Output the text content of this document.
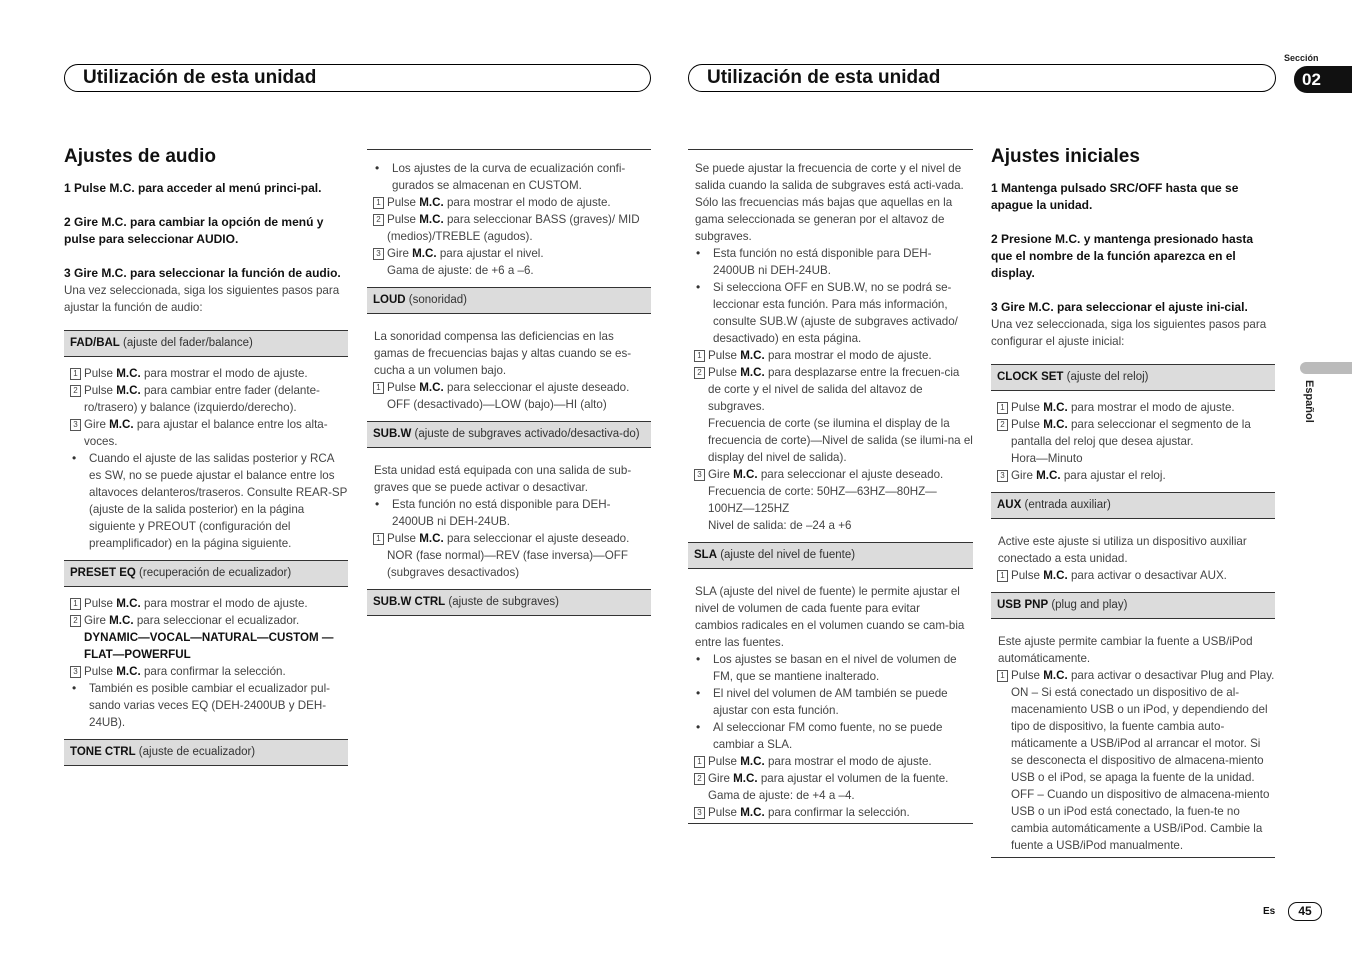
Utilización de esta unidad	Utilización de esta unidad
Sección
02
Español
Ajustes de audio
1 Pulse M.C. para acceder al menú princi-pal.
2 Gire M.C. para cambiar la opción de menú y pulse para seleccionar AUDIO.
3 Gire M.C. para seleccionar la función de audio.

Una vez seleccionada, siga los siguientes pasos para ajustar la función de audio:

FAD/BAL (ajuste del fader/balance)
1 Pulse M.C. para mostrar el modo de ajuste.
2 Pulse M.C. para cambiar entre fader (delante-ro/trasero) y balance (izquierdo/derecho).
3 Gire M.C. para ajustar el balance entre los alta-voces.
• Cuando el ajuste de las salidas posterior y RCA es SW, no se puede ajustar el balance entre los altavoces delanteros/traseros. Consulte REAR-SP (ajuste de la salida posterior) en la página siguiente y PREOUT (configuración del preamplificador) en la página siguiente.
PRESET EQ (recuperación de ecualizador)
1 Pulse M.C. para mostrar el modo de ajuste.
2 Gire M.C. para seleccionar el ecualizador.
DYNAMIC—VOCAL—NATURAL—CUSTOM —FLAT—POWERFUL
3 Pulse M.C. para confirmar la selección.
• También es posible cambiar el ecualizador pul-sando varias veces EQ (DEH-2400UB y DEH-24UB).
TONE CTRL (ajuste de ecualizador)
• Los ajustes de la curva de ecualización confi-gurados se almacenan en CUSTOM.
1 Pulse M.C. para mostrar el modo de ajuste.
2 Pulse M.C. para seleccionar BASS (graves)/ MID (medios)/TREBLE (agudos).
3 Gire M.C. para ajustar el nivel.
Gama de ajuste: de +6 a –6.
LOUD (sonoridad)

La sonoridad compensa las deficiencias en las gamas de frecuencias bajas y altas cuando se es-cucha a un volumen bajo.

1 Pulse M.C. para seleccionar el ajuste deseado.
OFF (desactivado)—LOW (bajo)—HI (alto)
SUB.W (ajuste de subgraves activado/desactiva-do)

Esta unidad está equipada con una salida de sub-graves que se puede activar o desactivar.

• Esta función no está disponible para DEH-2400UB ni DEH-24UB.
1 Pulse M.C. para seleccionar el ajuste deseado.
NOR (fase normal)—REV (fase inversa)—OFF (subgraves desactivados)
SUB.W CTRL (ajuste de subgraves)

Se puede ajustar la frecuencia de corte y el nivel de salida cuando la salida de subgraves está acti-vada.

Sólo las frecuencias más bajas que aquellas en la gama seleccionada se generan por el altavoz de subgraves.

• Esta función no está disponible para DEH-2400UB ni DEH-24UB.
• Si selecciona OFF en SUB.W, no se podrá se-leccionar esta función. Para más información, consulte SUB.W (ajuste de subgraves activado/ desactivado) en esta página.
1 Pulse M.C. para mostrar el modo de ajuste.
2 Pulse M.C. para desplazarse entre la frecuen-cia de corte y el nivel de salida del altavoz de subgraves.
Frecuencia de corte (se ilumina el display de la frecuencia de corte)—Nivel de salida (se ilumi-na el display del nivel de salida).
3 Gire M.C. para seleccionar el ajuste deseado.
Frecuencia de corte: 50HZ—63HZ—80HZ— 100HZ—125HZ
Nivel de salida: de –24 a +6
SLA (ajuste del nivel de fuente)

SLA (ajuste del nivel de fuente) le permite ajustar el nivel de volumen de cada fuente para evitar cambios radicales en el volumen cuando se cam-bia entre las fuentes.

• Los ajustes se basan en el nivel de volumen de FM, que se mantiene inalterado.
• El nivel del volumen de AM también se puede ajustar con esta función.
• Al seleccionar FM como fuente, no se puede cambiar a SLA.
1 Pulse M.C. para mostrar el modo de ajuste.
2 Gire M.C. para ajustar el volumen de la fuente.
Gama de ajuste: de +4 a –4.
3 Pulse M.C. para confirmar la selección.
Ajustes iniciales
1 Mantenga pulsado SRC/OFF hasta que se apague la unidad.
2 Presione M.C. y mantenga presionado hasta que el nombre de la función aparezca en el display.
3 Gire M.C. para seleccionar el ajuste ini-cial.

Una vez seleccionada, siga los siguientes pasos para configurar el ajuste inicial:

CLOCK SET (ajuste del reloj)
1 Pulse M.C. para mostrar el modo de ajuste.
2 Pulse M.C. para seleccionar el segmento de la pantalla del reloj que desea ajustar.
Hora—Minuto
3 Gire M.C. para ajustar el reloj.
AUX (entrada auxiliar)

Active este ajuste si utiliza un dispositivo auxiliar conectado a esta unidad.

1 Pulse M.C. para activar o desactivar AUX.
USB PNP (plug and play)

Este ajuste permite cambiar la fuente a USB/iPod automáticamente.

1 Pulse M.C. para activar o desactivar Plug and Play.
ON – Si está conectado un dispositivo de al-macenamiento USB o un iPod, y dependiendo del tipo de dispositivo, la fuente cambia auto-máticamente a USB/iPod al arrancar el motor. Si se desconecta el dispositivo de almacena-miento USB o el iPod, se apaga la fuente de la unidad.
OFF – Cuando un dispositivo de almacena-miento USB o un iPod está conectado, la fuen-te no cambia automáticamente a USB/iPod. Cambie la fuente a USB/iPod manualmente.
Es	45
